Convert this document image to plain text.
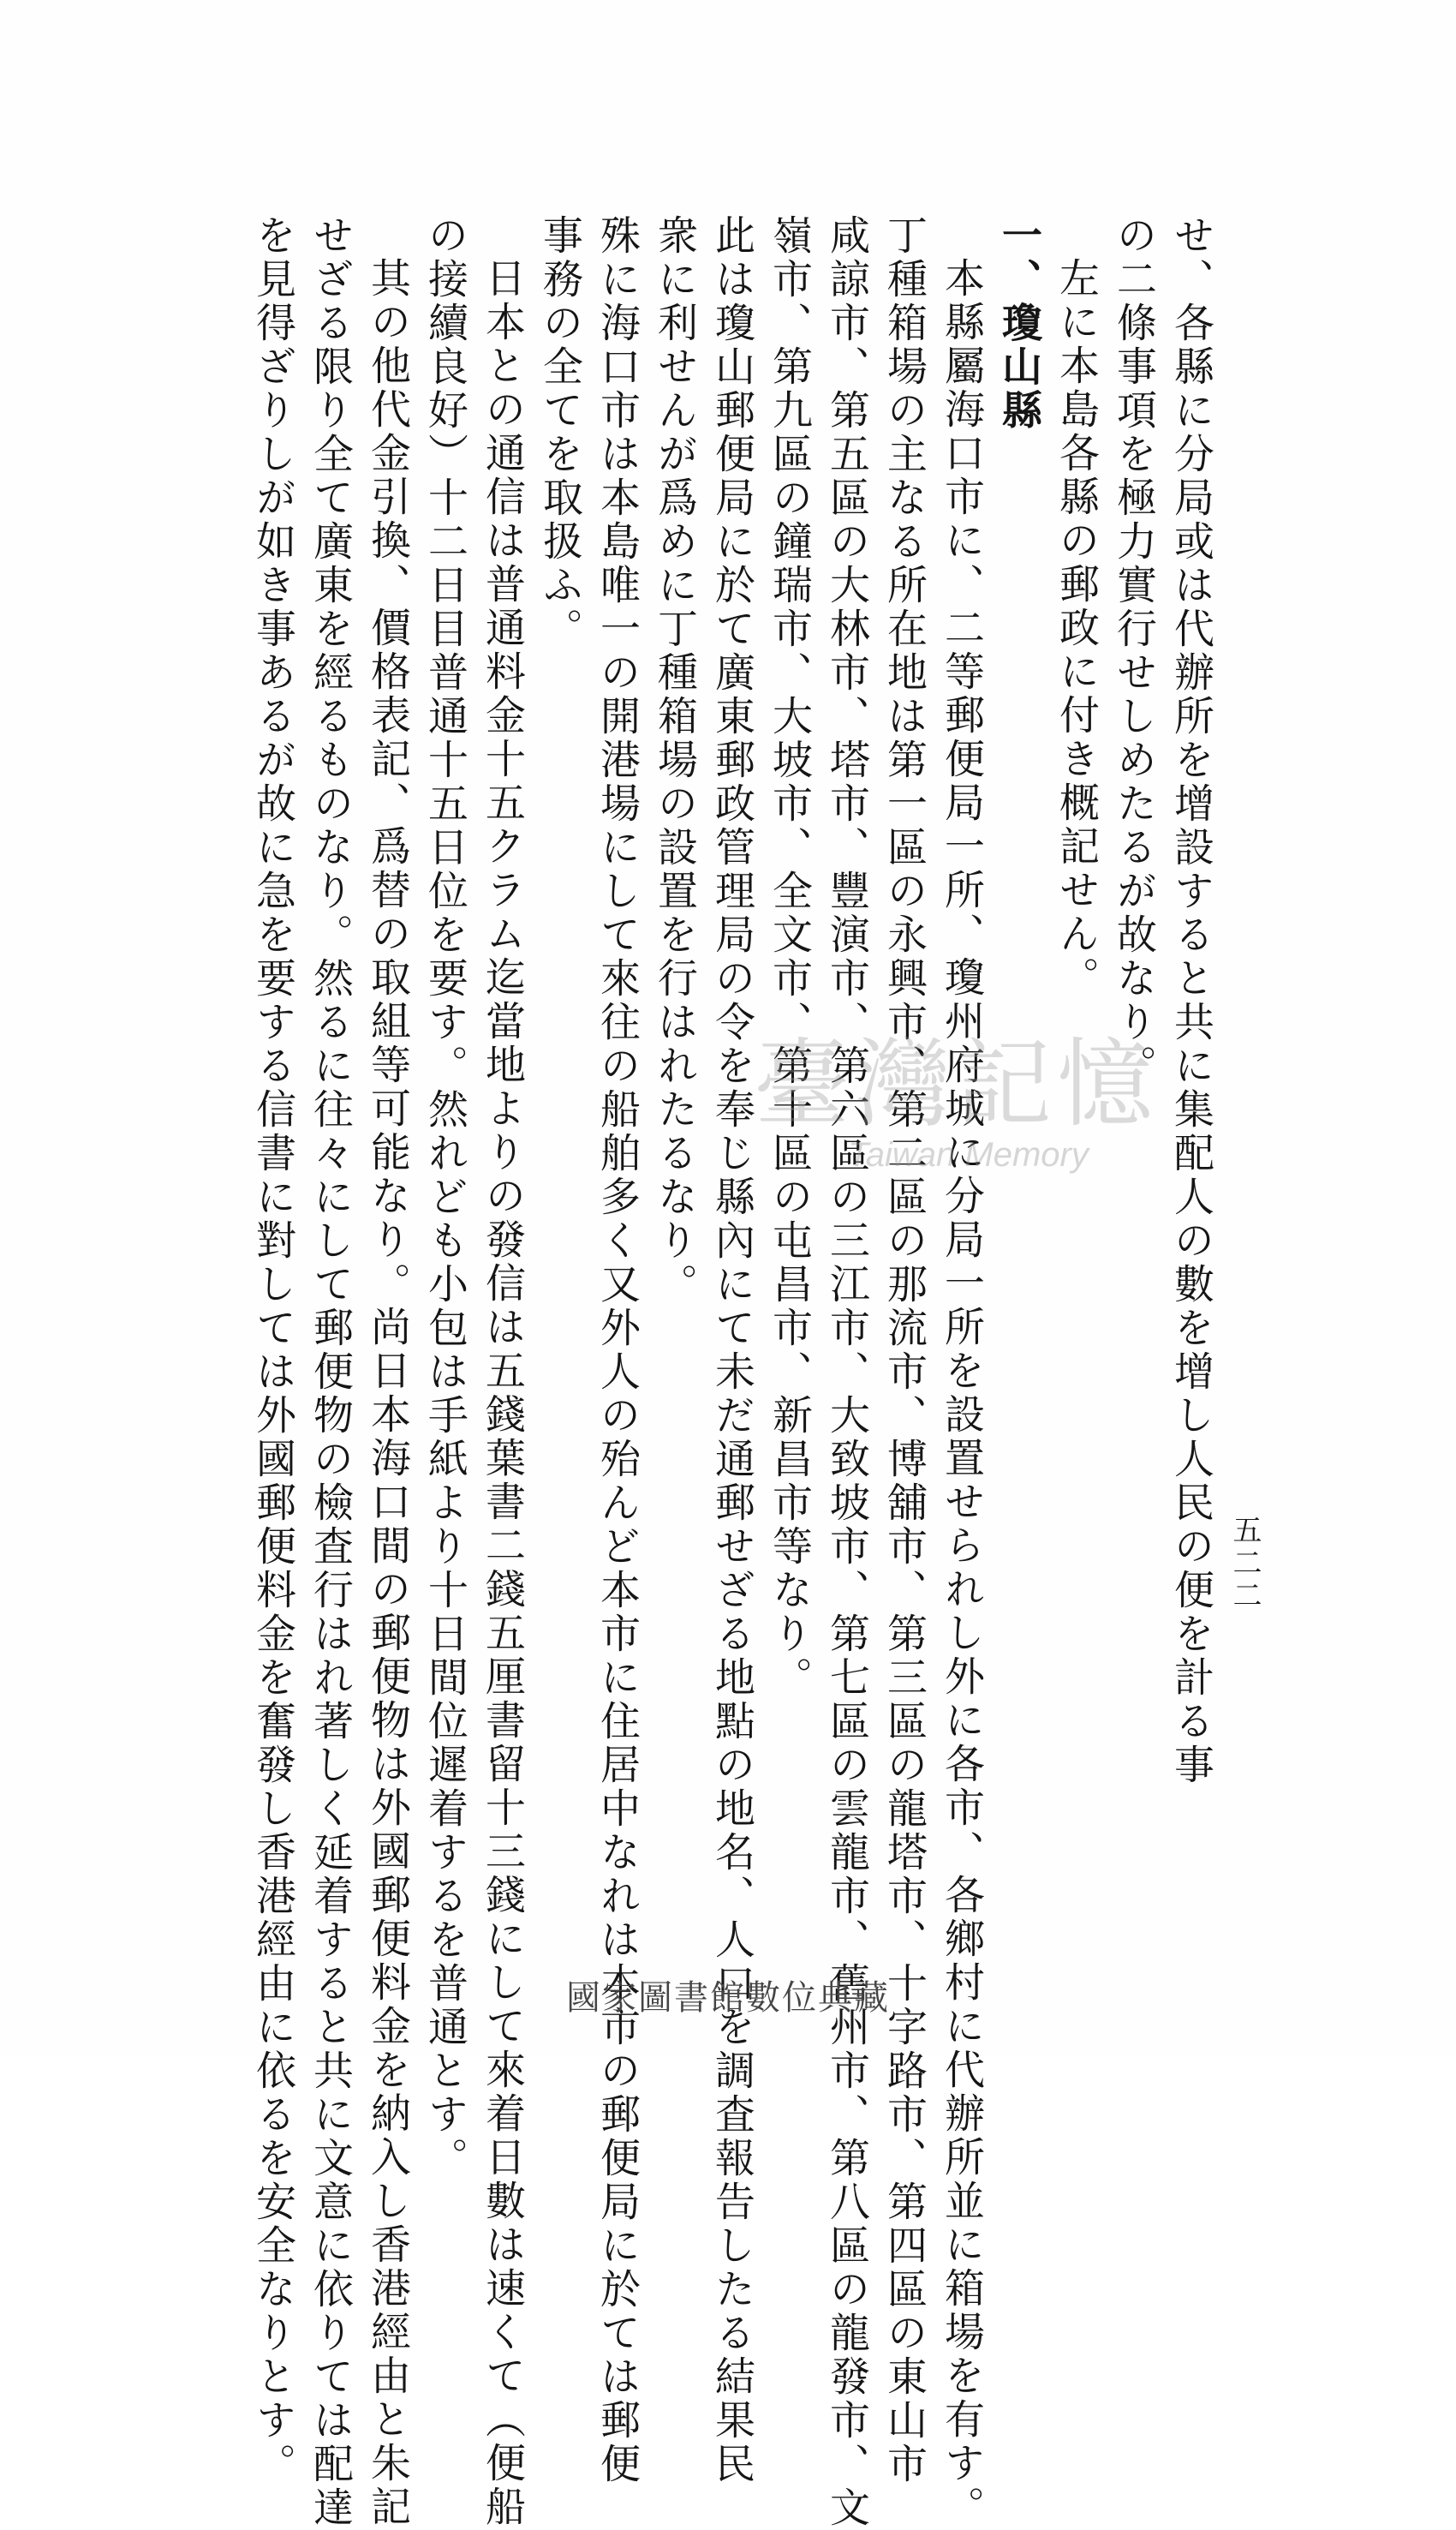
五二二

せ、各縣に分局或は代辦所を增設すると共に集配人の數を增し人民の便を計る事

の二條事項を極力實行せしめたるが故なり。

左に本島各縣の郵政に付き概記せん。

一、瓊山縣

本縣屬海口市に、二等郵便局一所、瓊州府城に分局一所を設置せられし外に各市、各鄉村に代辦所並に箱場を有す。

丁種箱場の主なる所在地は第一區の永興市、第二區の那流市、博舖市、第三區の龍塔市、十字路市、第四區の東山市

咸諒市、第五區の大林市、塔市、豐演市、第六區の三江市、大致坡市、第七區の雲龍市、舊州市、第八區の龍發市、文

嶺市、第九區の鐘瑞市、大坡市、全文市、第十區の屯昌市、新昌市等なり。

此は瓊山郵便局に於て廣東郵政管理局の令を奉じ縣內にて未だ通郵せざる地點の地名、人口を調査報告したる結果民

衆に利せんが爲めに丁種箱場の設置を行はれたるなり。

殊に海口市は本島唯一の開港場にして來往の船舶多く又外人の殆んど本市に住居中なれは本市の郵便局に於ては郵便

事務の全てを取扱ふ。

日本との通信は普通料金十五クラム迄當地よりの發信は五錢葉書二錢五厘書留十三錢にして來着日數は速くて（便船

の接續良好）十二日目普通十五日位を要す。然れども小包は手紙より十日間位遲着するを普通とす。

其の他代金引換、價格表記、爲替の取組等可能なり。尚日本海口間の郵便物は外國郵便料金を納入し香港經由と朱記

せざる限り全て廣東を經るものなり。然るに往々にして郵便物の檢査行はれ著しく延着すると共に文意に依りては配達

を見得ざりしが如き事あるが故に急を要する信書に對しては外國郵便料金を奮發し香港經由に依るを安全なりとす。	臺灣記憶
Taiwan Memory
國家圖書館數位典藏
